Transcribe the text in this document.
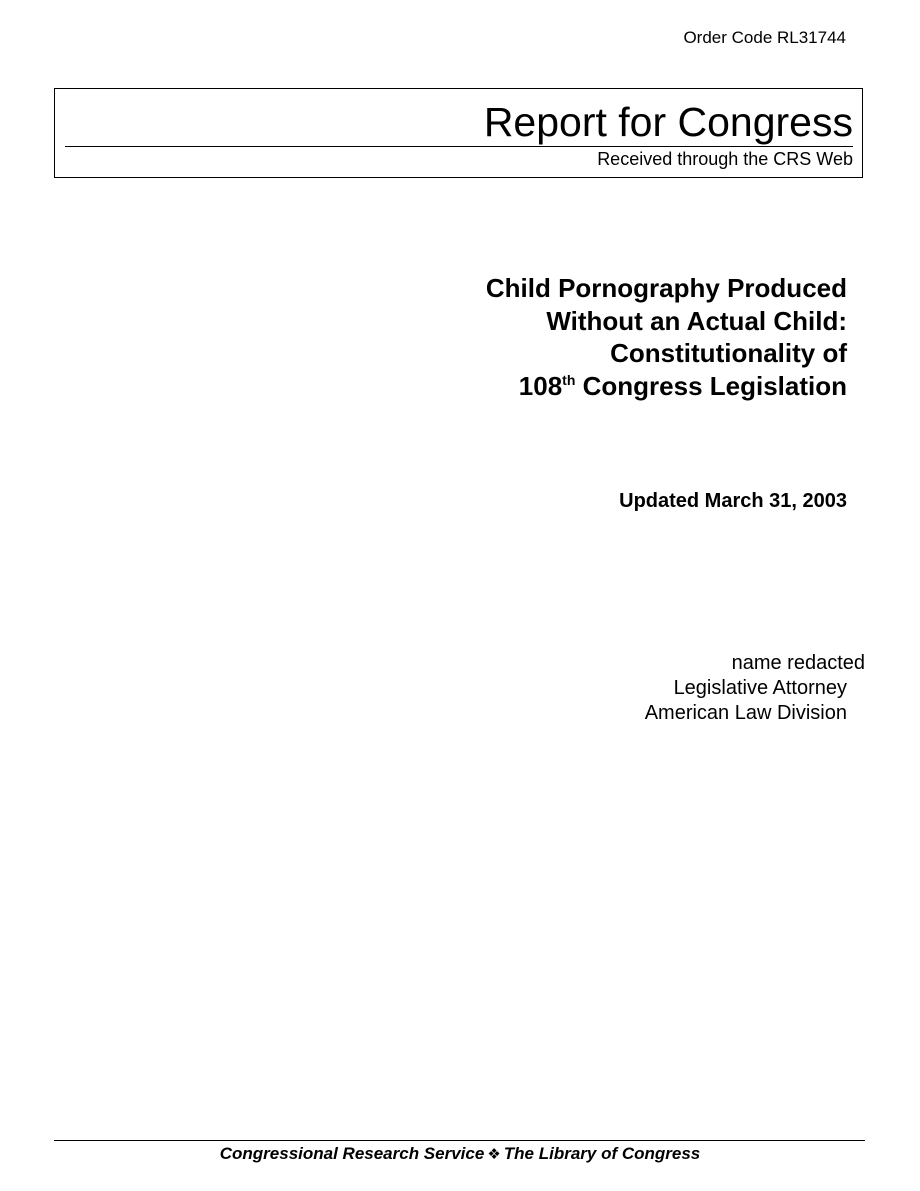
Order Code RL31744
Report for Congress
Received through the CRS Web
Child Pornography Produced
Without an Actual Child:
Constitutionality of
108th Congress Legislation
Updated March 31, 2003
name redacted
Legislative Attorney
American Law Division
Congressional Research Service ❖ The Library of Congress
